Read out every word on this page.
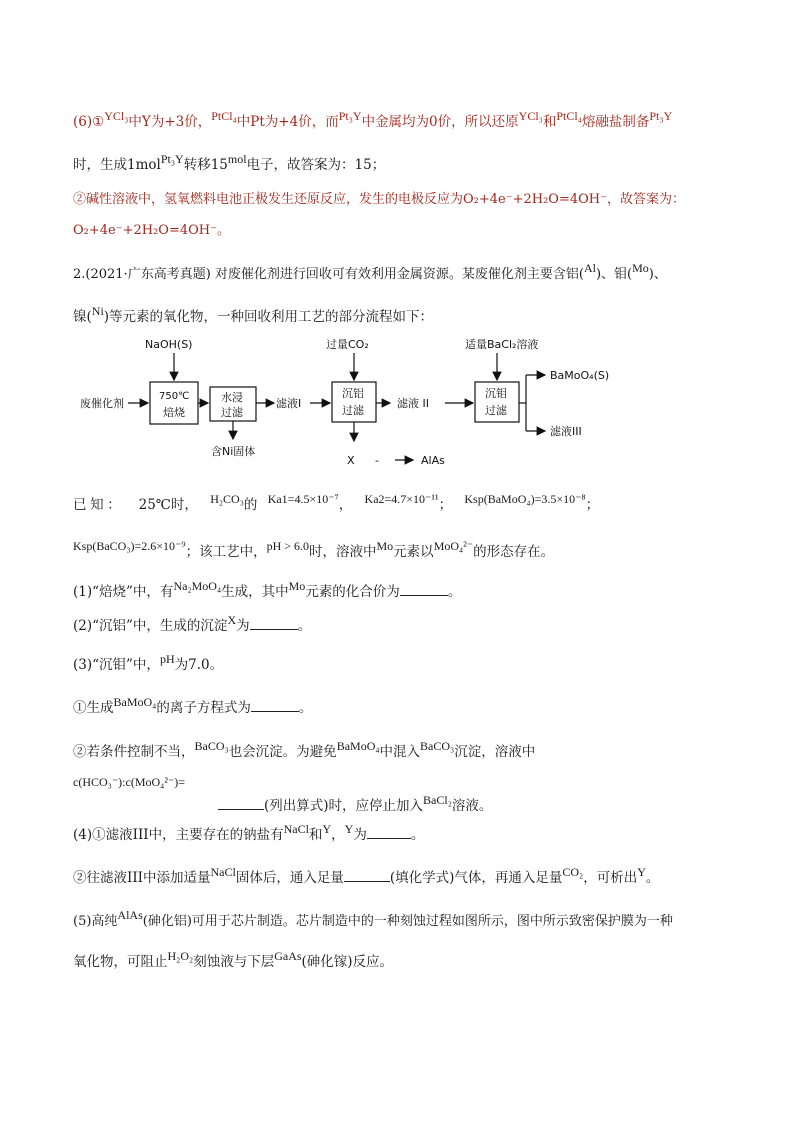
(6)①YCl₃中Y为+3价，PtCl₄中Pt为+4价，而Pt₃Y中金属均为0价，所以还原YCl₃和PtCl₄熔融盐制备Pt₃Y
时，生成1molPt₃Y转移15mol电子，故答案为：15；
②碱性溶液中，氢氧燃料电池正极发生还原反应，发生的电极反应为O₂+4e⁻+2H₂O=4OH⁻，故答案为：
O₂+4e⁻+2H₂O=4OH⁻。
2.(2021·广东高考真题) 对废催化剂进行回收可有效利用金属资源。某废催化剂主要含铝(Al)、钼(Mo)、
镍(Ni)等元素的氧化物，一种回收利用工艺的部分流程如下：
废催化剂
NaOH(S)
750℃
焙烧
水浸
过滤
含Ni固体
滤液I
过量CO₂
沉铝
过滤
X -	AlAs
滤液 II
适量BaCl₂溶液
沉钼
过滤
BaMoO₄(S)
滤液III
已知： 25℃时， H₂CO₃的 Ka1=4.5×10⁻⁷， Ka2=4.7×10⁻¹¹； Ksp(BaMoO₄)=3.5×10⁻⁸；
Ksp(BaCO₃)=2.6×10⁻⁹；该工艺中，pH > 6.0时，溶液中Mo元素以MoO₄²⁻的形态存在。
(1)“焙烧”中，有Na₂MoO₄生成，其中Mo元素的化合价为	。
(2)“沉铝”中，生成的沉淀X为	。
(3)“沉钼”中，pH为7.0。
①生成BaMoO₄的离子方程式为	。
②若条件控制不当，BaCO₃也会沉淀。为避免BaMoO₄中混入BaCO₃沉淀，溶液中
c(HCO₃⁻):c(MoO₄²⁻)=
(列出算式)时，应停止加入BaCl₂溶液。
(4)①滤液III中，主要存在的钠盐有NaCl和Y，Y为	。
②往滤液III中添加适量NaCl固体后，通入足量	(填化学式)气体，再通入足量CO₂，可析出Y。
(5)高纯AlAs(砷化铝)可用于芯片制造。芯片制造中的一种刻蚀过程如图所示，图中所示致密保护膜为一种
氧化物，可阻止H₂O₂刻蚀液与下层GaAs(砷化镓)反应。
